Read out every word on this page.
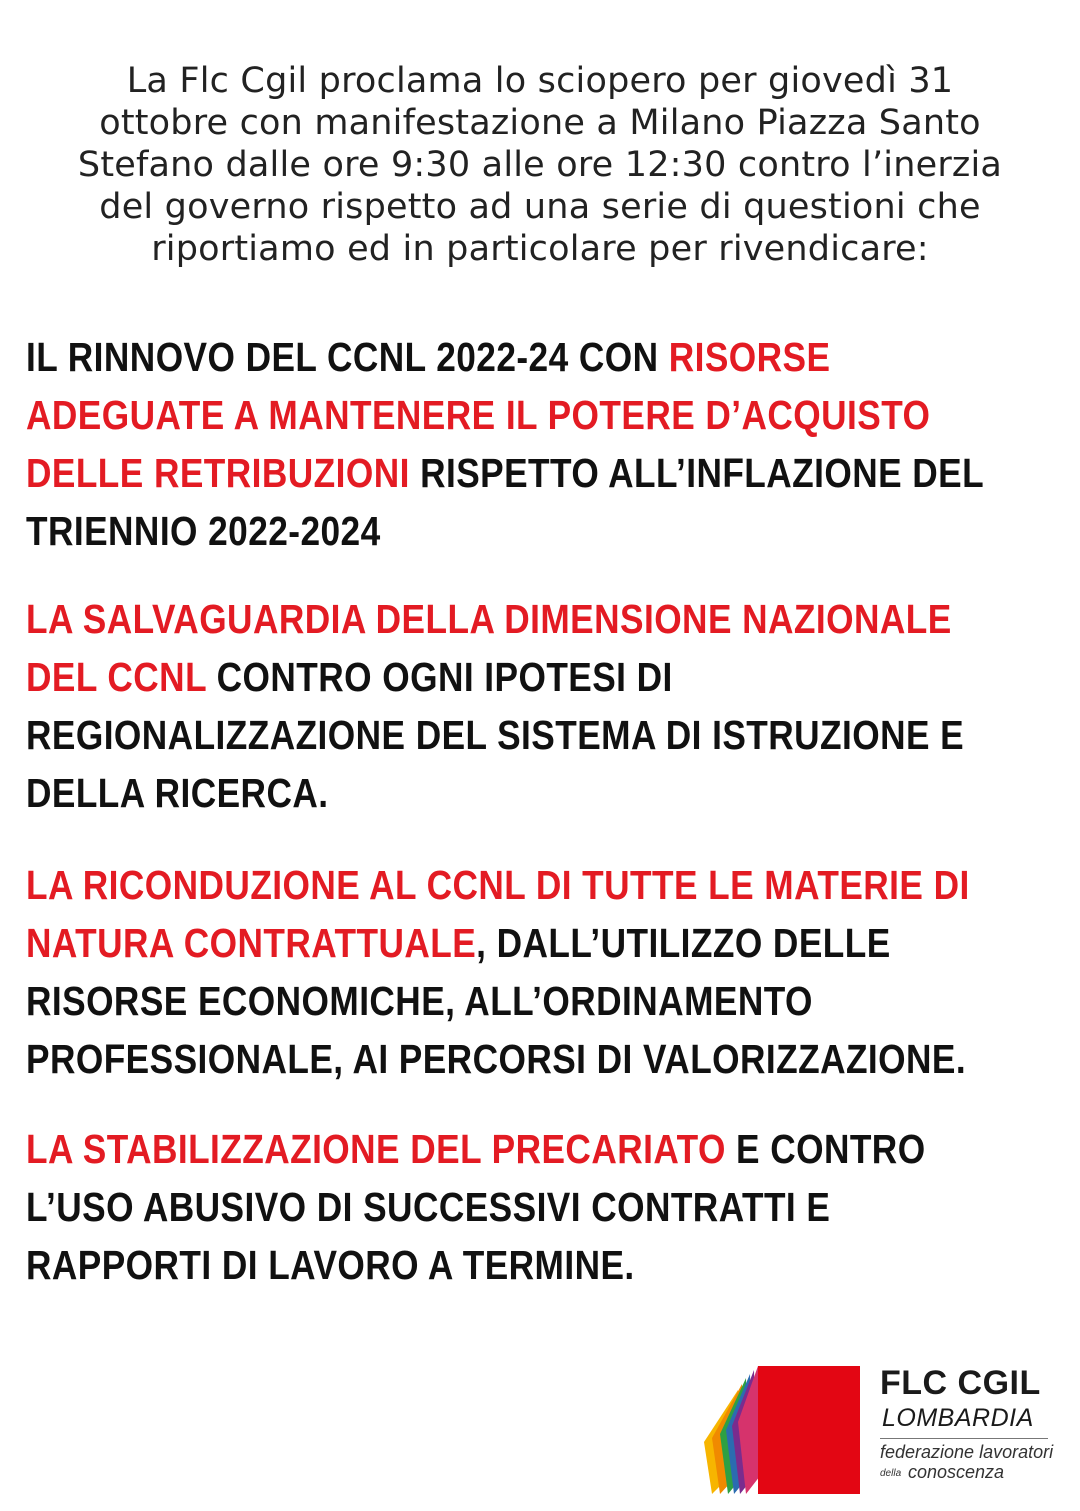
La Flc Cgil proclama lo sciopero per giovedì 31
ottobre con manifestazione a Milano Piazza Santo
Stefano dalle ore 9:30 alle ore 12:30 contro l’inerzia
del governo rispetto ad una serie di questioni che
riportiamo ed in particolare per rivendicare:
IL RINNOVO DEL CCNL 2022-24 CON RISORSE ADEGUATE A MANTENERE IL POTERE D’ACQUISTO DELLE RETRIBUZIONI RISPETTO ALL’INFLAZIONE DEL TRIENNIO 2022-2024
LA SALVAGUARDIA DELLA DIMENSIONE NAZIONALE DEL CCNL CONTRO OGNI IPOTESI DI REGIONALIZZAZIONE DEL SISTEMA DI ISTRUZIONE E DELLA RICERCA.
LA RICONDUZIONE AL CCNL DI TUTTE LE MATERIE DI NATURA CONTRATTUALE, DALL’UTILIZZO DELLE RISORSE ECONOMICHE, ALL’ORDINAMENTO PROFESSIONALE, AI PERCORSI DI VALORIZZAZIONE.
LA STABILIZZAZIONE DEL PRECARIATO E CONTRO L’USO ABUSIVO DI SUCCESSIVI CONTRATTI E RAPPORTI DI LAVORO A TERMINE.
FLC CGIL
LOMBARDIA
federazione lavoratori
della conoscenza
